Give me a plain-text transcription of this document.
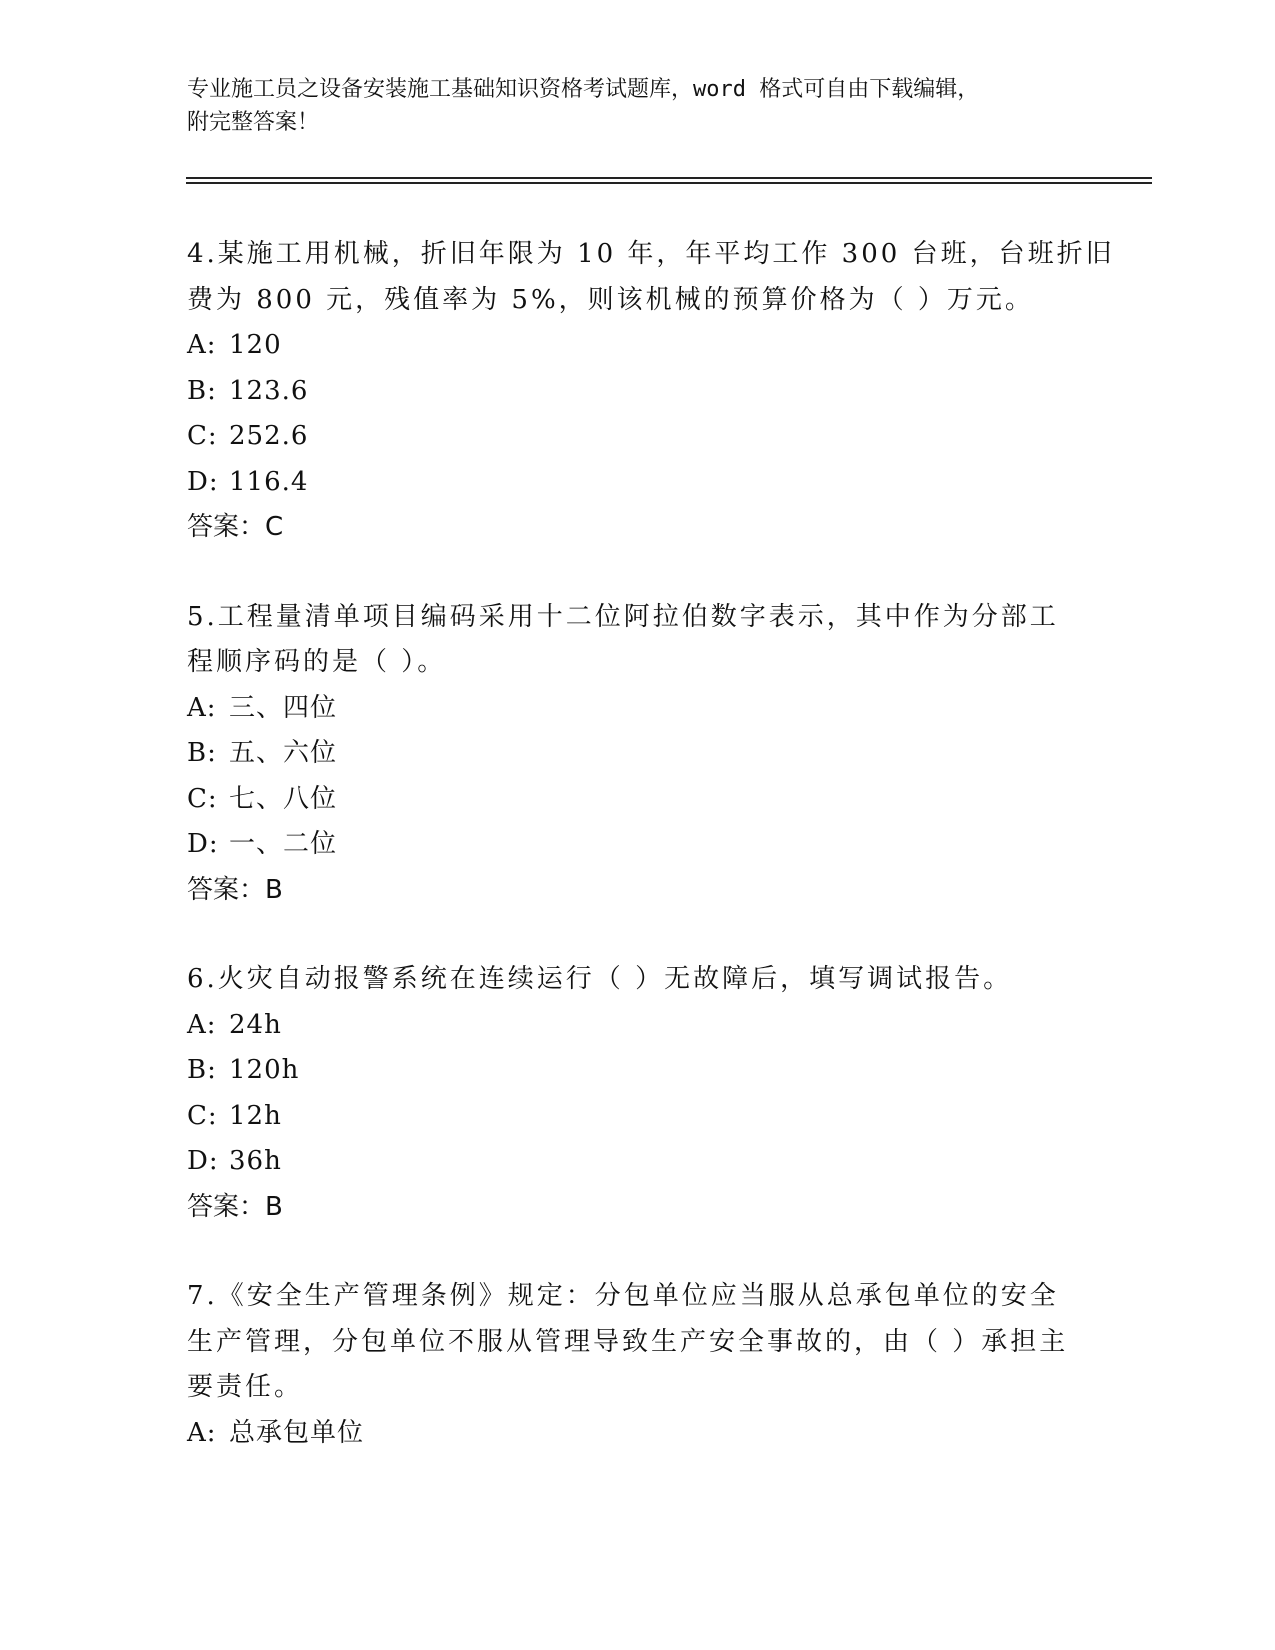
专业施工员之设备安装施工基础知识资格考试题库，word 格式可自由下载编辑，
附完整答案！
4.某施工用机械，折旧年限为 10 年，年平均工作 300 台班，台班折旧
费为 800 元，残值率为 5%，则该机械的预算价格为（ ）万元。
A: 120
B: 123.6
C: 252.6
D: 116.4
答案：C
5.工程量清单项目编码采用十二位阿拉伯数字表示，其中作为分部工
程顺序码的是（ ）。
A: 三、四位
B: 五、六位
C: 七、八位
D: 一、二位
答案：B
6.火灾自动报警系统在连续运行（ ）无故障后，填写调试报告。
A: 24h
B: 120h
C: 12h
D: 36h
答案：B
7.《安全生产管理条例》规定：分包单位应当服从总承包单位的安全
生产管理，分包单位不服从管理导致生产安全事故的，由（ ）承担主
要责任。
A: 总承包单位
